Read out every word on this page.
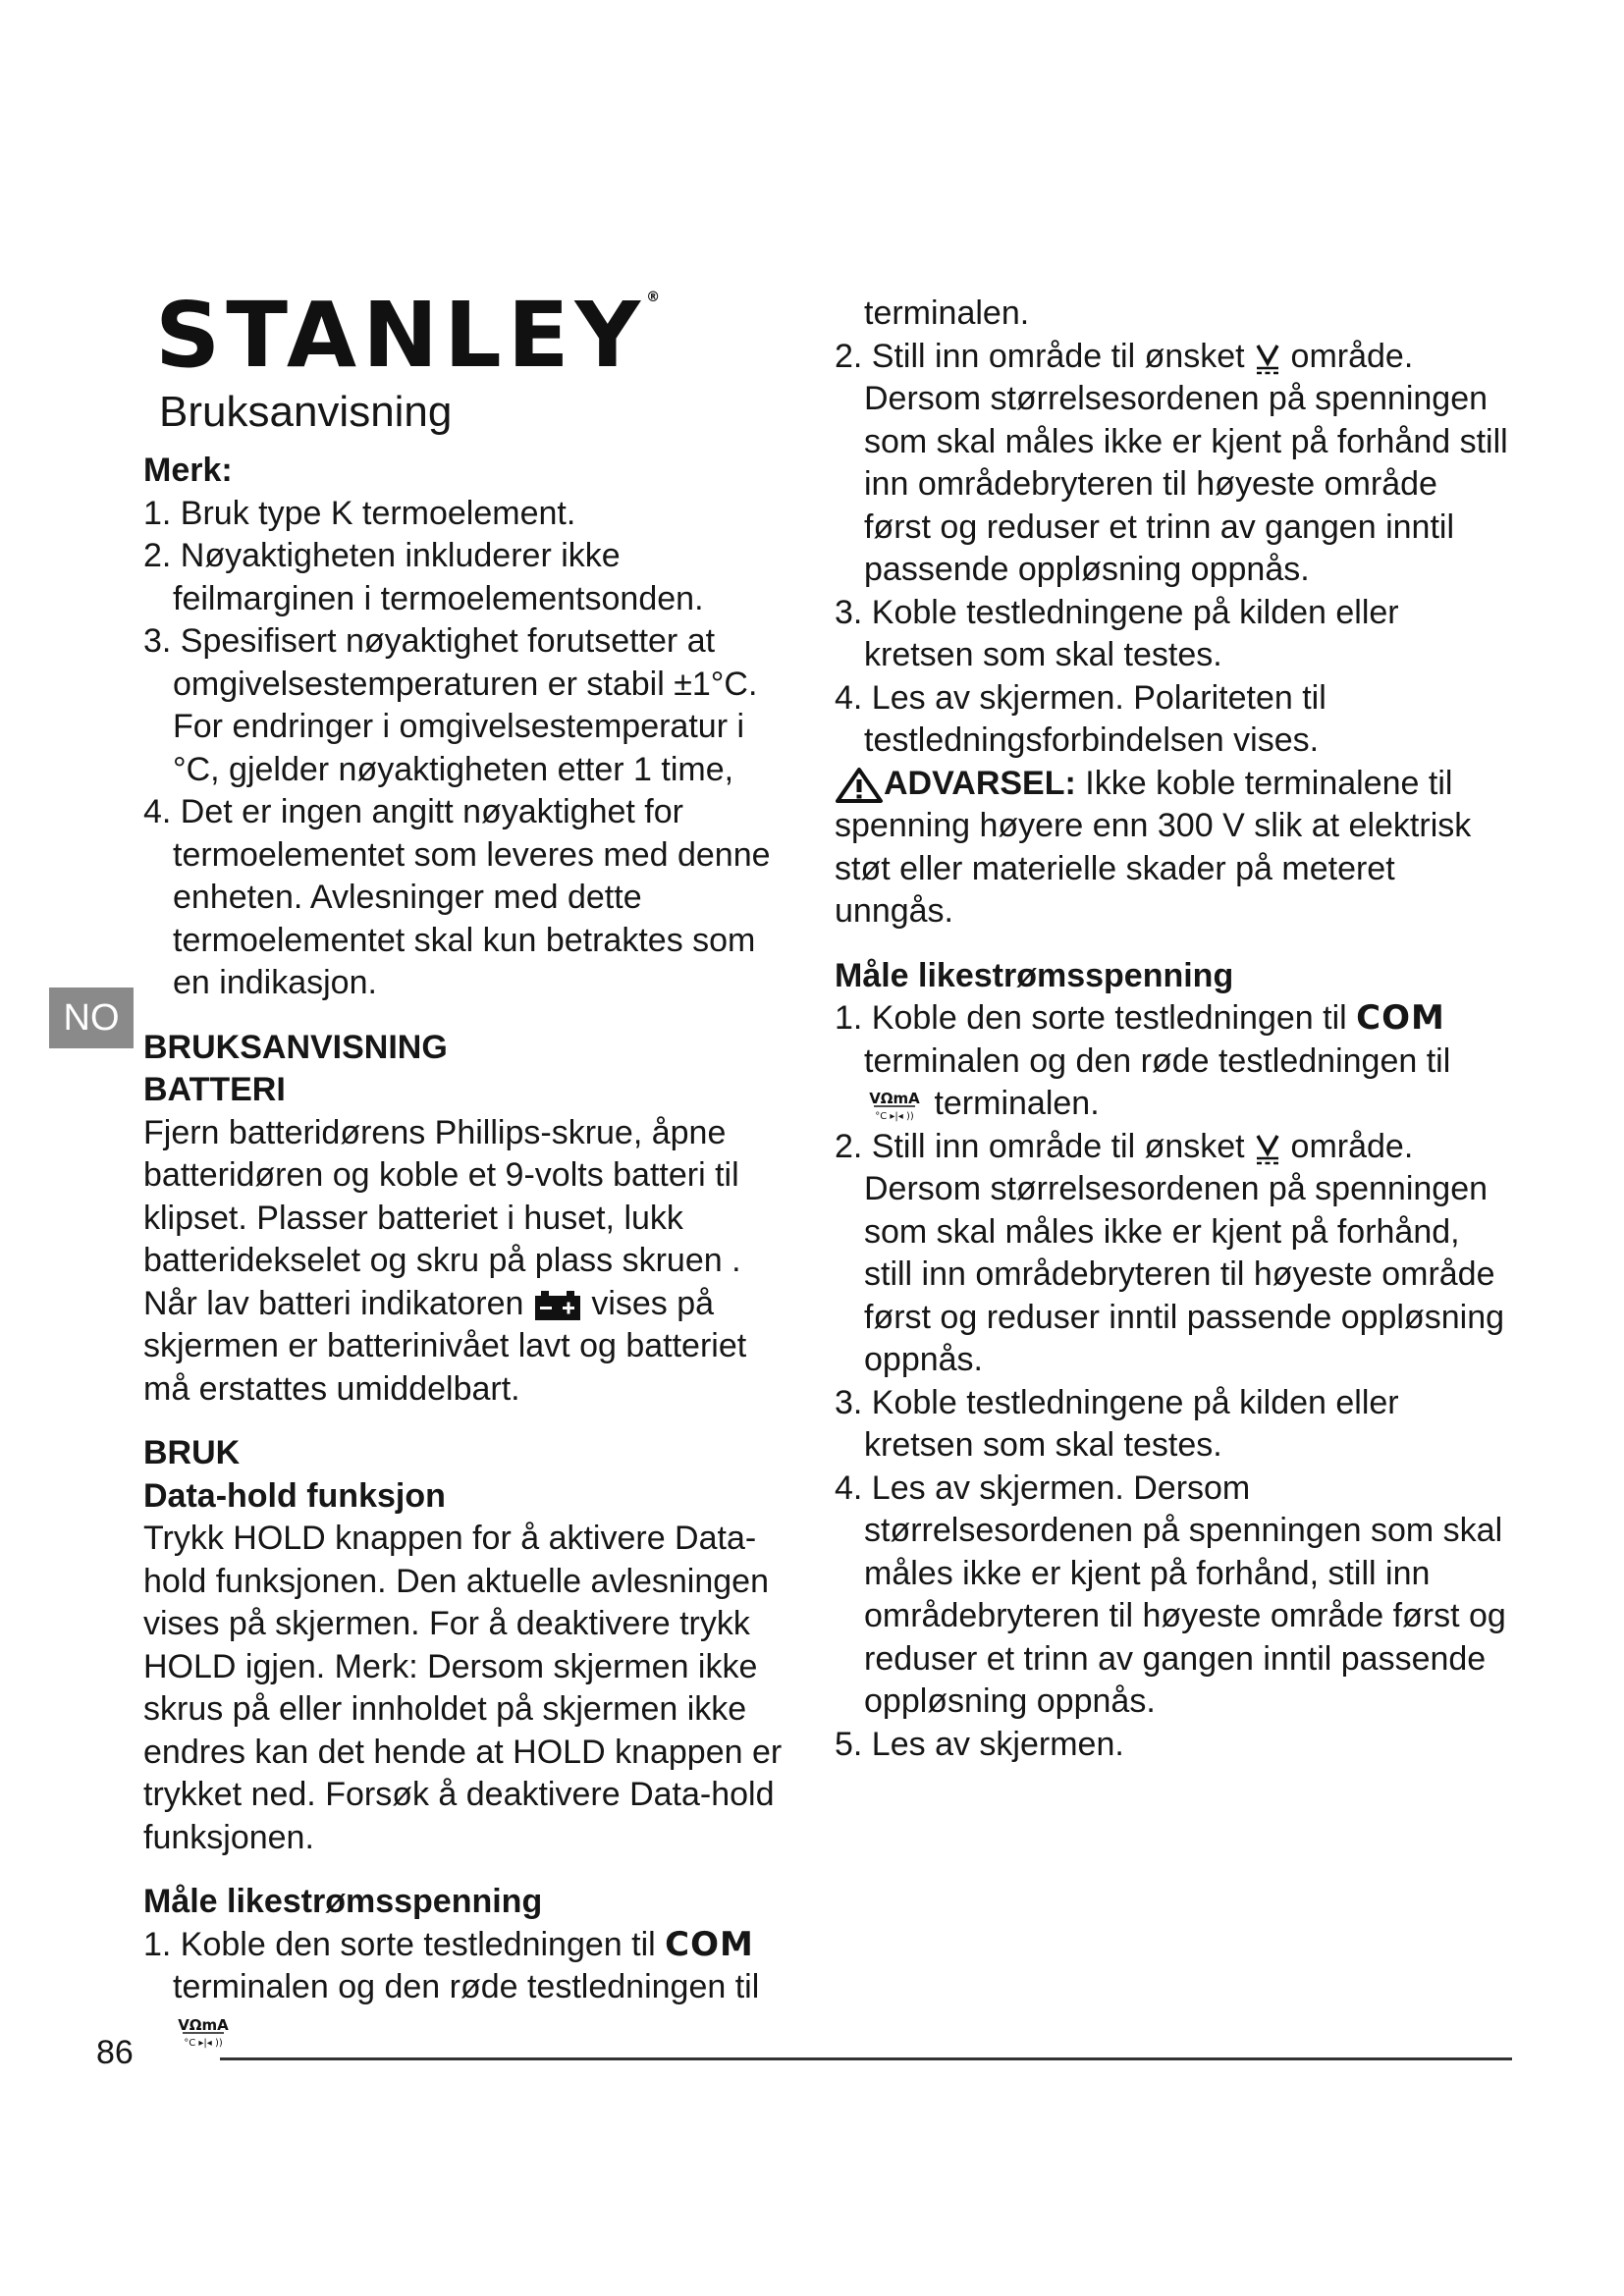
STANLEY®
Bruksanvisning
NO

Merk:

1. Bruk type K termoelement.

2. Nøyaktigheten inkluderer ikke feilmarginen i termoelementsonden.

3. Spesifisert nøyaktighet forutsetter at omgivelsestemperaturen er stabil ±1°C. For endringer i omgivelsestemperatur i °C, gjelder nøyaktigheten etter 1 time,

4. Det er ingen angitt nøyaktighet for termoelementet som leveres med denne enheten. Avlesninger med dette termoelementet skal kun betraktes som en indikasjon.

BRUKSANVISNING

BATTERI

Fjern batteridørens Phillips-skrue, åpne batteridøren og koble et 9-volts batteri til klipset. Plasser batteriet i huset, lukk batteridekselet og skru på plass skruen . Når lav batteri indikatoren vises på skjermen er batterinivået lavt og batteriet må erstattes umiddelbart.

BRUK

Data-hold funksjon

Trykk HOLD knappen for å aktivere Data-hold funksjonen. Den aktuelle avlesningen vises på skjermen. For å deaktivere trykk HOLD igjen. Merk: Dersom skjermen ikke skrus på eller innholdet på skjermen ikke endres kan det hende at HOLD knappen er trykket ned. Forsøk å deaktivere Data-hold funksjonen.

Måle likestrømsspenning

1. Koble den sorte testledningen til COM terminalen og den røde testledningen til
VΩmA
°C ▸|◂ ))

terminalen.

2. Still inn område til ønsket område. Dersom størrelsesordenen på spenningen som skal måles ikke er kjent på forhånd still inn områdebryteren til høyeste område først og reduser et trinn av gangen inntil passende oppløsning oppnås.

3. Koble testledningene på kilden eller kretsen som skal testes.

4. Les av skjermen. Polariteten til testledningsforbindelsen vises.

ADVARSEL: Ikke koble terminalene til spenning høyere enn 300 V slik at elektrisk støt eller materielle skader på meteret unngås.

Måle likestrømsspenning

1. Koble den sorte testledningen til COM terminalen og den røde testledningen til
VΩmA
°C ▸|◂ )) terminalen.

2. Still inn område til ønsket område. Dersom størrelsesordenen på spenningen som skal måles ikke er kjent på forhånd, still inn områdebryteren til høyeste område først og reduser inntil passende oppløsning oppnås.

3. Koble testledningene på kilden eller kretsen som skal testes.

4. Les av skjermen. Dersom størrelsesordenen på spenningen som skal måles ikke er kjent på forhånd, still inn områdebryteren til høyeste område først og reduser et trinn av gangen inntil passende oppløsning oppnås.

5. Les av skjermen.

86
